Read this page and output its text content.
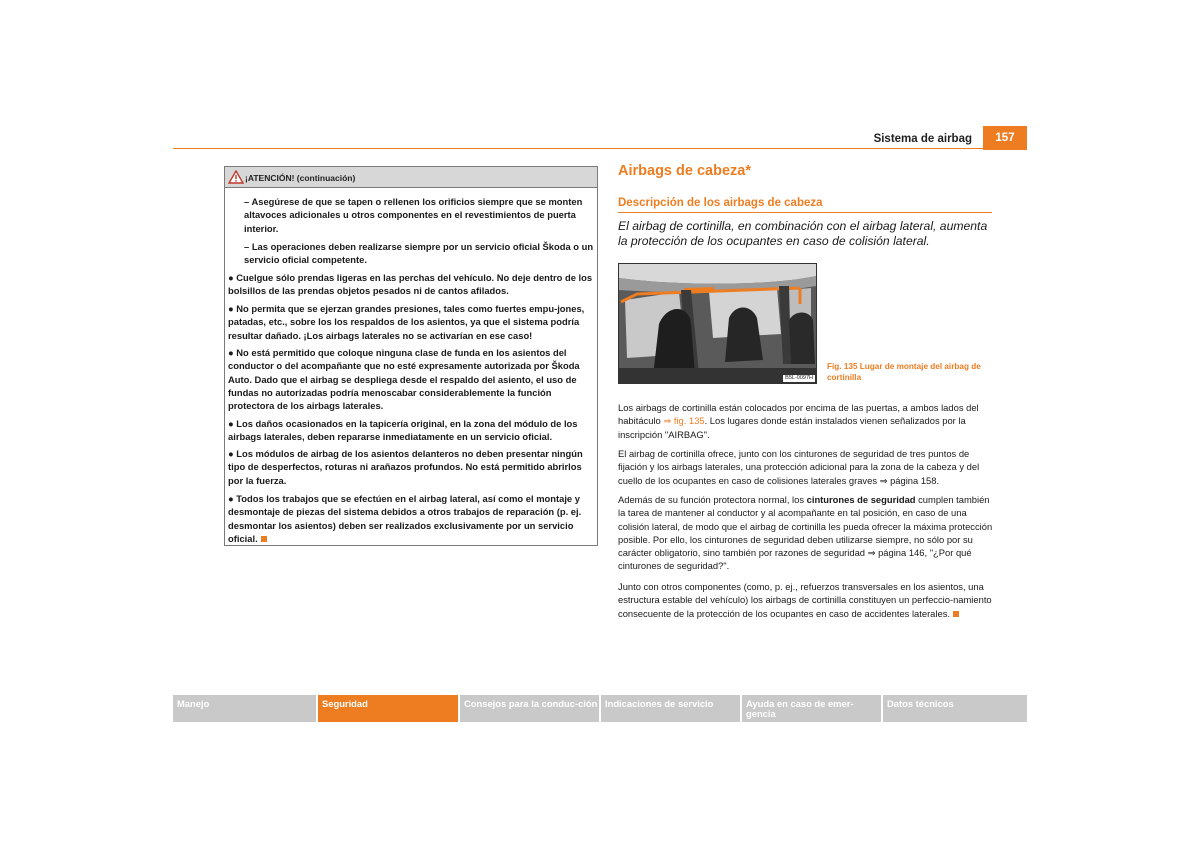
Sistema de airbag	157
¡ATENCIÓN! (continuación)
– Asegúrese de que se tapen o rellenen los orificios siempre que se monten altavoces adicionales u otros componentes en el revestimientos de puerta interior.
– Las operaciones deben realizarse siempre por un servicio oficial Škoda o un servicio oficial competente.
● Cuelgue sólo prendas ligeras en las perchas del vehículo. No deje dentro de los bolsillos de las prendas objetos pesados ni de cantos afilados.
● No permita que se ejerzan grandes presiones, tales como fuertes empu-jones, patadas, etc., sobre los los respaldos de los asientos, ya que el sistema podría resultar dañado. ¡Los airbags laterales no se activarían en ese caso!
● No está permitido que coloque ninguna clase de funda en los asientos del conductor o del acompañante que no esté expresamente autorizada por Škoda Auto. Dado que el airbag se despliega desde el respaldo del asiento, el uso de fundas no autorizadas podría menoscabar considerablemente la función protectora de los airbags laterales.
● Los daños ocasionados en la tapicería original, en la zona del módulo de los airbags laterales, deben repararse inmediatamente en un servicio oficial.
● Los módulos de airbag de los asientos delanteros no deben presentar ningún tipo de desperfectos, roturas ni arañazos profundos. No está permitido abrirlos por la fuerza.
● Todos los trabajos que se efectúen en el airbag lateral, así como el montaje y desmontaje de piezas del sistema debidos a otros trabajos de reparación (p. ej. desmontar los asientos) deben ser realizados exclusivamente por un servicio oficial.
Airbags de cabeza*
Descripción de los airbags de cabeza
El airbag de cortinilla, en combinación con el airbag lateral, aumenta la protección de los ocupantes en caso de colisión lateral.
B5L-0097H
Fig. 135 Lugar de montaje del airbag de cortinilla
Los airbags de cortinilla están colocados por encima de las puertas, a ambos lados del habitáculo ⇒ fig. 135. Los lugares donde están instalados vienen señalizados por la inscripción "AIRBAG".
El airbag de cortinilla ofrece, junto con los cinturones de seguridad de tres puntos de fijación y los airbags laterales, una protección adicional para la zona de la cabeza y del cuello de los ocupantes en caso de colisiones laterales graves ⇒ página 158.
Además de su función protectora normal, los cinturones de seguridad cumplen también la tarea de mantener al conductor y al acompañante en tal posición, en caso de una colisión lateral, de modo que el airbag de cortinilla les pueda ofrecer la máxima protección posible. Por ello, los cinturones de seguridad deben utilizarse siempre, no sólo por su carácter obligatorio, sino también por razones de seguridad ⇒ página 146, "¿Por qué cinturones de seguridad?".
Junto con otros componentes (como, p. ej., refuerzos transversales en los asientos, una estructura estable del vehículo) los airbags de cortinilla constituyen un perfeccio-namiento consecuente de la protección de los ocupantes en caso de accidentes laterales.
Manejo	Seguridad	Consejos para la conduc-ción Indicaciones de servicio	Ayuda en caso de emer-gencia
Datos técnicos
